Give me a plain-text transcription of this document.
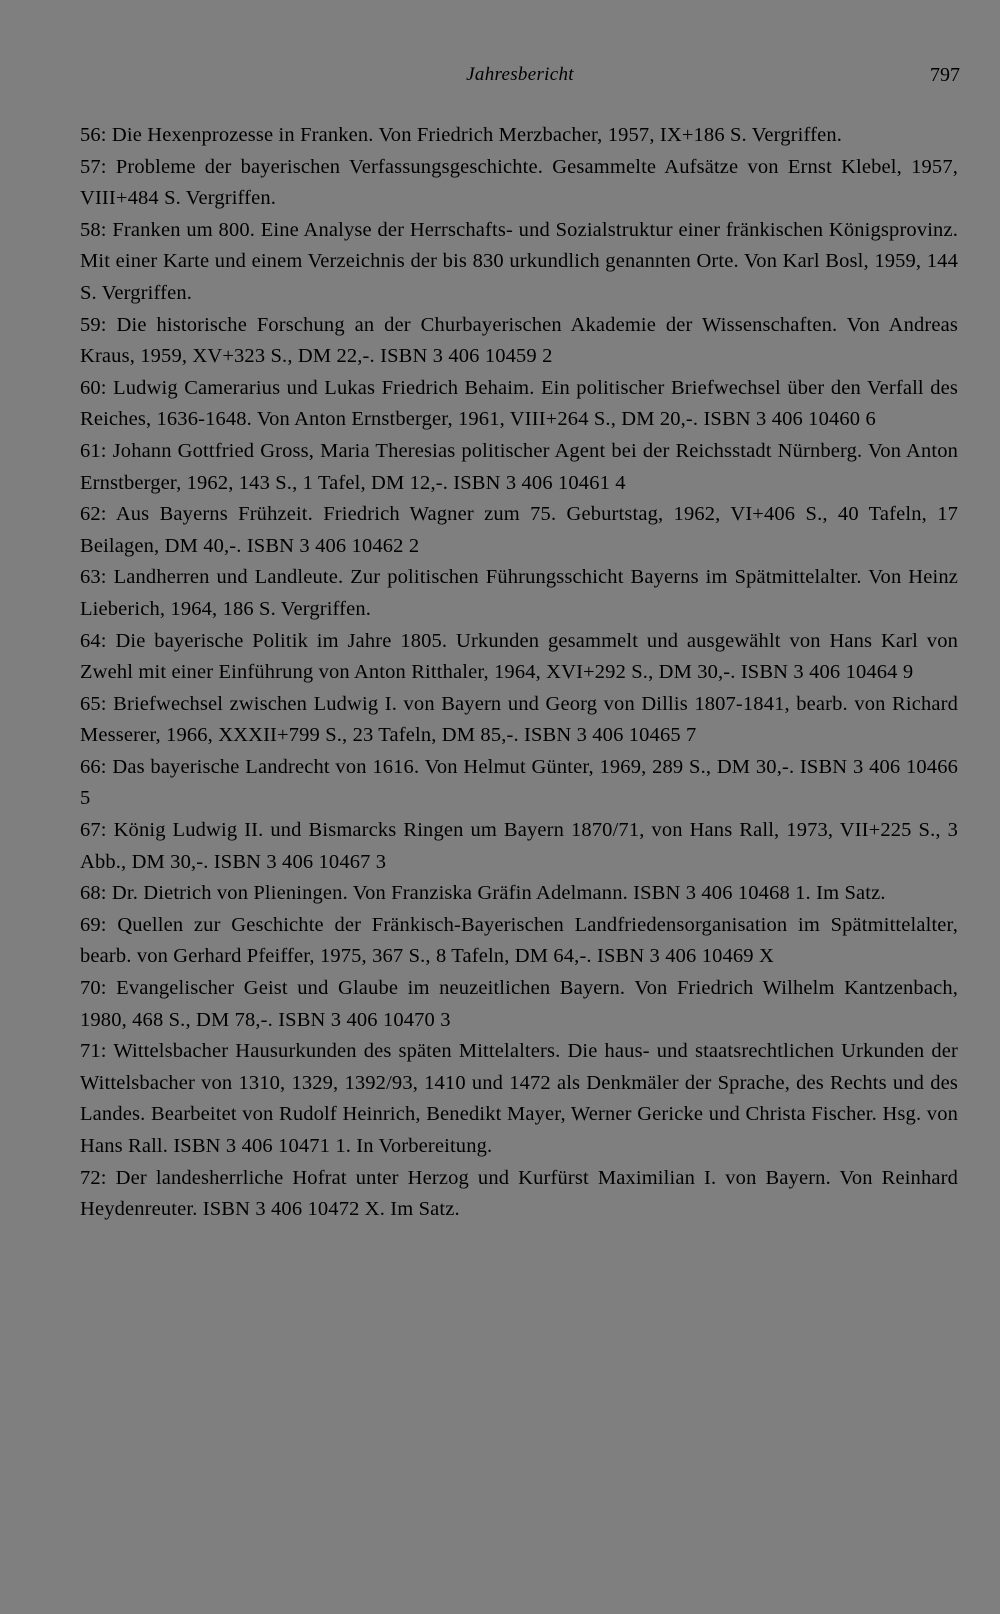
Jahresbericht	797

56: Die Hexenprozesse in Franken. Von Friedrich Merzbacher, 1957, IX+186 S. Vergriffen.

57: Probleme der bayerischen Verfassungsgeschichte. Gesammelte Aufsätze von Ernst Klebel, 1957, VIII+484 S. Vergriffen.

58: Franken um 800. Eine Analyse der Herrschafts- und Sozialstruktur einer fränkischen Königsprovinz. Mit einer Karte und einem Verzeichnis der bis 830 urkundlich genannten Orte. Von Karl Bosl, 1959, 144 S. Vergriffen.

59: Die historische Forschung an der Churbayerischen Akademie der Wissenschaften. Von Andreas Kraus, 1959, XV+323 S., DM 22,-. ISBN 3 406 10459 2

60: Ludwig Camerarius und Lukas Friedrich Behaim. Ein politischer Briefwechsel über den Verfall des Reiches, 1636-1648. Von Anton Ernstberger, 1961, VIII+264 S., DM 20,-. ISBN 3 406 10460 6

61: Johann Gottfried Gross, Maria Theresias politischer Agent bei der Reichsstadt Nürnberg. Von Anton Ernstberger, 1962, 143 S., 1 Tafel, DM 12,-. ISBN 3 406 10461 4

62: Aus Bayerns Frühzeit. Friedrich Wagner zum 75. Geburtstag, 1962, VI+406 S., 40 Tafeln, 17 Beilagen, DM 40,-. ISBN 3 406 10462 2

63: Landherren und Landleute. Zur politischen Führungsschicht Bayerns im Spätmittelalter. Von Heinz Lieberich, 1964, 186 S. Vergriffen.

64: Die bayerische Politik im Jahre 1805. Urkunden gesammelt und ausgewählt von Hans Karl von Zwehl mit einer Einführung von Anton Ritthaler, 1964, XVI+292 S., DM 30,-. ISBN 3 406 10464 9

65: Briefwechsel zwischen Ludwig I. von Bayern und Georg von Dillis 1807-1841, bearb. von Richard Messerer, 1966, XXXII+799 S., 23 Tafeln, DM 85,-. ISBN 3 406 10465 7

66: Das bayerische Landrecht von 1616. Von Helmut Günter, 1969, 289 S., DM 30,-. ISBN 3 406 10466 5

67: König Ludwig II. und Bismarcks Ringen um Bayern 1870/71, von Hans Rall, 1973, VII+225 S., 3 Abb., DM 30,-. ISBN 3 406 10467 3

68: Dr. Dietrich von Plieningen. Von Franziska Gräfin Adelmann. ISBN 3 406 10468 1. Im Satz.

69: Quellen zur Geschichte der Fränkisch-Bayerischen Landfriedensorganisation im Spätmittelalter, bearb. von Gerhard Pfeiffer, 1975, 367 S., 8 Tafeln, DM 64,-. ISBN 3 406 10469 X

70: Evangelischer Geist und Glaube im neuzeitlichen Bayern. Von Friedrich Wilhelm Kantzenbach, 1980, 468 S., DM 78,-. ISBN 3 406 10470 3

71: Wittelsbacher Hausurkunden des späten Mittelalters. Die haus- und staatsrechtlichen Urkunden der Wittelsbacher von 1310, 1329, 1392/93, 1410 und 1472 als Denkmäler der Sprache, des Rechts und des Landes. Bearbeitet von Rudolf Heinrich, Benedikt Mayer, Werner Gericke und Christa Fischer. Hsg. von Hans Rall. ISBN 3 406 10471 1. In Vorbereitung.

72: Der landesherrliche Hofrat unter Herzog und Kurfürst Maximilian I. von Bayern. Von Reinhard Heydenreuter. ISBN 3 406 10472 X. Im Satz.
